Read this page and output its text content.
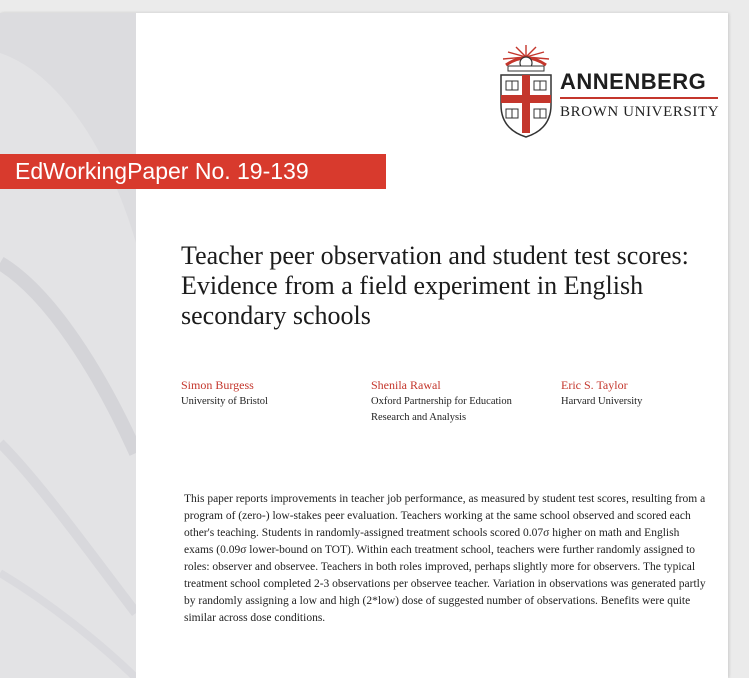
ANNENBERG
BROWN UNIVERSITY
EdWorkingPaper No. 19-139
Teacher peer observation and student test scores: Evidence from a field experiment in English secondary schools
Simon Burgess
University of Bristol
Shenila Rawal
Oxford Partnership for Education Research and Analysis
Eric S. Taylor
Harvard University

This paper reports improvements in teacher job performance, as measured by student test scores, resulting from a program of (zero-) low-stakes peer evaluation. Teachers working at the same school observed and scored each other's teaching. Students in randomly-assigned treatment schools scored 0.07σ higher on math and English exams (0.09σ lower-bound on TOT). Within each treatment school, teachers were further randomly assigned to roles: observer and observee. Teachers in both roles improved, perhaps slightly more for observers. The typical treatment school completed 2-3 observations per observee teacher. Variation in observations was generated partly by randomly assigning a low and high (2*low) dose of suggested number of observations. Benefits were quite similar across dose conditions.
